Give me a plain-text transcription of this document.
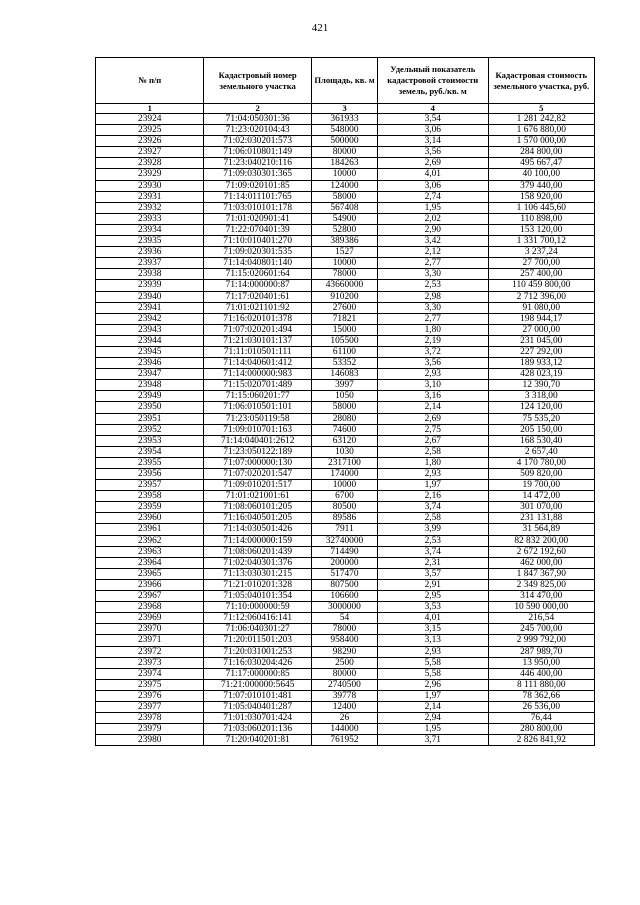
421
№ п/п	Кадастровый номер земельного участка	Площадь, кв. м	Удельный показатель кадастровой стоимости земель, руб./кв. м	Кадастровая стоимость земельного участка, руб.
1	2	3	4	5
23924	71:04:050301:36	361933	3,54	1 281 242,82
23925	71:23:020104:43	548000	3,06	1 676 880,00
23926	71:02:030201:573	500000	3,14	1 570 000,00
23927	71:06:010801:149	80000	3,56	284 800,00
23928	71:23:040210:116	184263	2,69	495 667,47
23929	71:09:030301:365	10000	4,01	40 100,00
23930	71:09:020101:85	124000	3,06	379 440,00
23931	71:14:011101:765	58000	2,74	158 920,00
23932	71:03:010101:178	567408	1,95	1 106 445,60
23933	71:01:020901:41	54900	2,02	110 898,00
23934	71:22:070401:39	52800	2,90	153 120,00
23935	71:10:010401:270	389386	3,42	1 331 700,12
23936	71:09:020301:535	1527	2,12	3 237,24
23937	71:14:040801:140	10000	2,77	27 700,00
23938	71:15:020601:64	78000	3,30	257 400,00
23939	71:14:000000:87	43660000	2,53	110 459 800,00
23940	71:17:020401:61	910200	2,98	2 712 396,00
23941	71:01:021101:92	27600	3,30	91 080,00
23942	71:16:020101:378	71821	2,77	198 944,17
23943	71:07:020201:494	15000	1,80	27 000,00
23944	71:21:030101:137	105500	2,19	231 045,00
23945	71:11:010501:111	61100	3,72	227 292,00
23946	71:14:040601:412	53352	3,56	189 933,12
23947	71:14:000000:983	146083	2,93	428 023,19
23948	71:15:020701:489	3997	3,10	12 390,70
23949	71:15:060201:77	1050	3,16	3 318,00
23950	71:06:010501:101	58000	2,14	124 120,00
23951	71:23:050119:58	28080	2,69	75 535,20
23952	71:09:010701:163	74600	2,75	205 150,00
23953	71:14:040401:2612	63120	2,67	168 530,40
23954	71:23:050122:189	1030	2,58	2 657,40
23955	71:07:000000:130	2317100	1,80	4 170 780,00
23956	71:07:020201:547	174000	2,93	509 820,00
23957	71:09:010201:517	10000	1,97	19 700,00
23958	71:01:021001:61	6700	2,16	14 472,00
23959	71:08:060101:205	80500	3,74	301 070,00
23960	71:16:040501:205	89586	2,58	231 131,88
23961	71:14:030501:426	7911	3,99	31 564,89
23962	71:14:000000:159	32740000	2,53	82 832 200,00
23963	71:08:060201:439	714490	3,74	2 672 192,60
23964	71:02:040301:376	200000	2,31	462 000,00
23965	71:13:030301:215	517470	3,57	1 847 367,90
23966	71:21:010201:328	807500	2,91	2 349 825,00
23967	71:05:040101:354	106600	2,95	314 470,00
23968	71:10:000000:59	3000000	3,53	10 590 000,00
23969	71:12:060416:141	54	4,01	216,54
23970	71:06:040301:27	78000	3,15	245 700,00
23971	71:20:011501:203	958400	3,13	2 999 792,00
23972	71:20:031001:253	98290	2,93	287 989,70
23973	71:16:030204:426	2500	5,58	13 950,00
23974	71:17:000000:85	80000	5,58	446 400,00
23975	71:21:000000:5645	2740500	2,96	8 111 880,00
23976	71:07:010101:481	39778	1,97	78 362,66
23977	71:05:040401:287	12400	2,14	26 536,00
23978	71:01:030701:424	26	2,94	76,44
23979	71:03:060201:136	144000	1,95	280 800,00
23980	71:20:040201:81	761952	3,71	2 826 841,92
